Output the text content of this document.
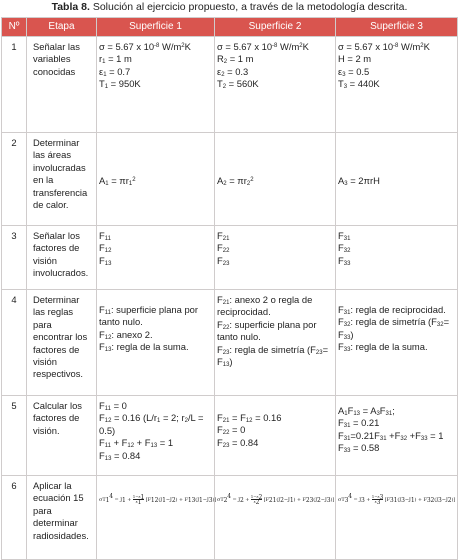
Tabla 8. Solución al ejercicio propuesto, a través de la metodología descrita.
Nº	Etapa	Superficie 1	Superficie 2	Superficie 3
1	Señalar las variables conocidas	σ = 5.67 x $10^{-8}$ $W/m^2K$
$r_1 = 1$ m
$\varepsilon_1 = 0.7$
$T_1 = 950K$	σ = 5.67 x $10^{-8}$ $W/m^2K$
$R_2 = 1$ m
$\varepsilon_2 = 0.3$
$T_2 = 560K$	σ = 5.67 x $10^{-8}$ $W/m^2K$
H = 2 m
$\varepsilon_3 = 0.5$
$T_3 = 440K$

2	Determinar las áreas involucradas en la transferencia de calor.	$A_1 = \pi r_1^2$	$A_2 = \pi r_2^2$	$A_3 = 2\pi rH$

3	Señalar los factores de visión involucrados.	$F_{11}$
$F_{12}$
$F_{13}$	$F_{21}$
$F_{22}$
$F_{23}$	$F_{31}$
$F_{32}$
$F_{33}$

4	Determinar las reglas para encontrar los factores de visión respectivos.	$F_{11}$: superficie plana por tanto nulo.
$F_{12}$: anexo 2.
$F_{13}$: regla de la suma.	$F_{21}$: anexo 2 o regla de reciprocidad.
$F_{22}$: superficie plana por tanto nulo.
$F_{23}$: regla de simetría $(F_{23}= F_{13})$	$F_{31}$: regla de reciprocidad.
$F_{32}$: regla de simetría $(F_{32}= F_{33})$
$F_{33}$: regla de la suma.

5	Calcular los factores de visión.	$F_{11} = 0$
$F_{12} = 0.16$ ($L/r_1 = 2$; $r_2/L = 0.5$)
$F_{11} + F_{12} + F_{13} = 1$
$F_{13} = 0.84$	$F_{21} = F_{12} = 0.16$
$F_{22} = 0$
$F_{23} = 0.84$	$A_1F_{13} = A_3F_{31}$;
$F_{31} = 0.21$
$F_{31}=0.21F_{31} +F_{32} +F_{33} = 1$
$F_{33} = 0.58$

6	Aplicar la ecuación 15 para determinar radiosidades.	$\sigma T_1^4 = J_1 + \frac{1-\varepsilon_1}{\varepsilon_1} [F_{12}(J_1-J_2) + F_{13}(J_1-J_3)]$	$\sigma T_2^4 = J_2 + \frac{1-\varepsilon_2}{\varepsilon_2} [F_{21}(J_2-J_1) + F_{23}(J_2-J_3)]$	$\sigma T_3^4 = J_3 + \frac{1-\varepsilon_3}{\varepsilon_3} [F_{31}(J_3-J_1) + F_{32}(J_3-J_2)]$
